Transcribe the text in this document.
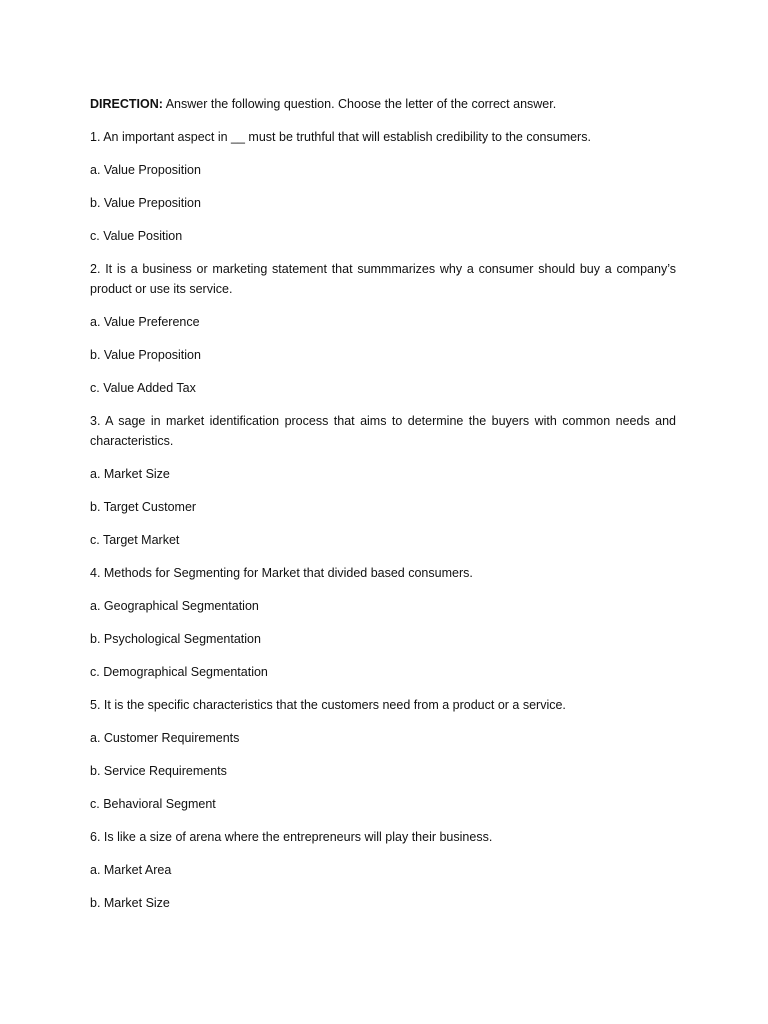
DIRECTION: Answer the following question. Choose the letter of the correct answer.

1. An important aspect in __ must be truthful that will establish credibility to the consumers.

a. Value Proposition

b. Value Preposition

c. Value Position

2. It is a business or marketing statement that summmarizes why a consumer should buy a company’s product or use its service.

a. Value Preference

b. Value Proposition

c. Value Added Tax

3. A sage in market identification process that aims to determine the buyers with common needs and characteristics.

a. Market Size

b. Target Customer

c. Target Market

4. Methods for Segmenting for Market that divided based consumers.

a. Geographical Segmentation

b. Psychological Segmentation

c. Demographical Segmentation

5. It is the specific characteristics that the customers need from a product or a service.

a. Customer Requirements

b. Service Requirements

c. Behavioral Segment

6. Is like a size of arena where the entrepreneurs will play their business.

a. Market Area

b. Market Size
